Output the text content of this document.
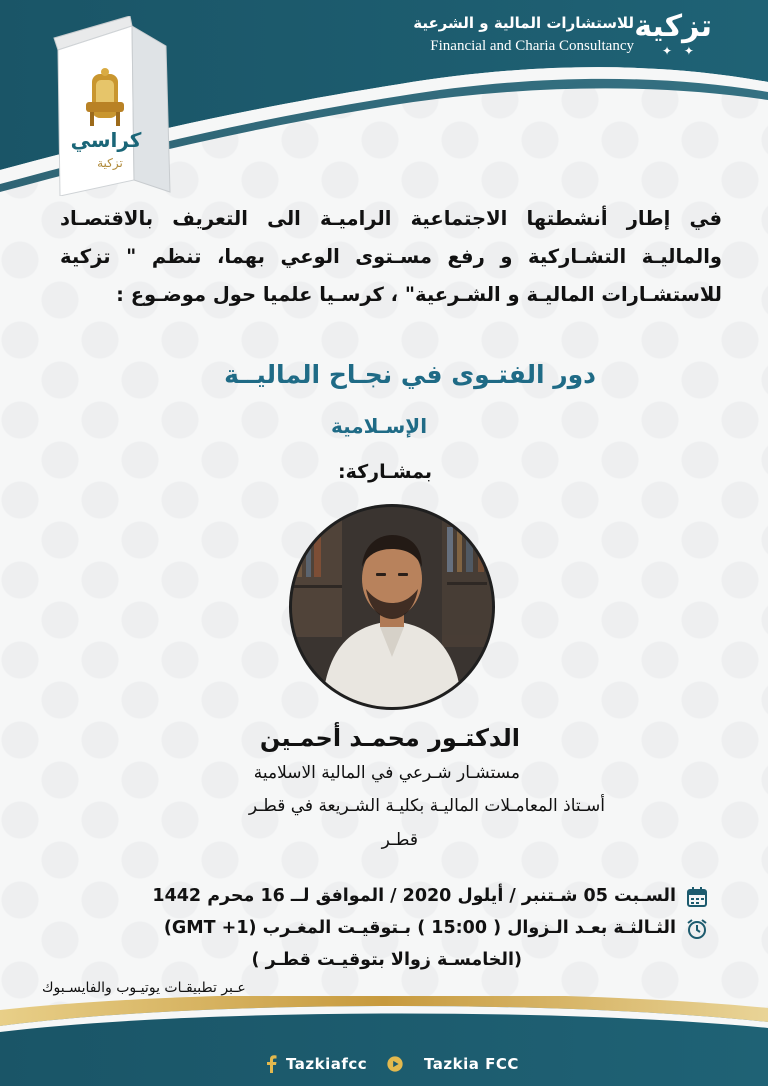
للاستشارات المالية و الشرعية
Financial and Charia Consultancy
تزكية
✦ ✦
كراسي
تزكية
في إطار أنشطتها الاجتماعية الراميـة الى التعريف بالاقتصـاد والماليـة التشـاركية و رفع مسـتوى الوعي بهما، تنظم " تزكية للاستشـارات الماليـة و الشـرعية" ، كرسـيا علميا حول موضـوع :
دور الفتـوى في نجـاح الماليــة
الإسـلامية
بمشـاركة:
الدكتـور محمـد أحمـين
مستشـار شـرعي في المالية الاسلامية
أسـتاذ المعامـلات الماليـة بكليـة الشـريعة في قطـر
قطـر
السـبت 05 شـتنبر / أيلول 2020 / الموافق لــ 16 محرم 1442
الثـالثـة بعـد الـزوال ( 15:00 ) بـتوقيـت المغـرب (GMT +1)
(الخامسـة زوالا بتوقيـت قطـر )
عـبر تطبيقـات يوتيـوب والفايسـبوك
Tazkiafcc	Tazkia FCC
